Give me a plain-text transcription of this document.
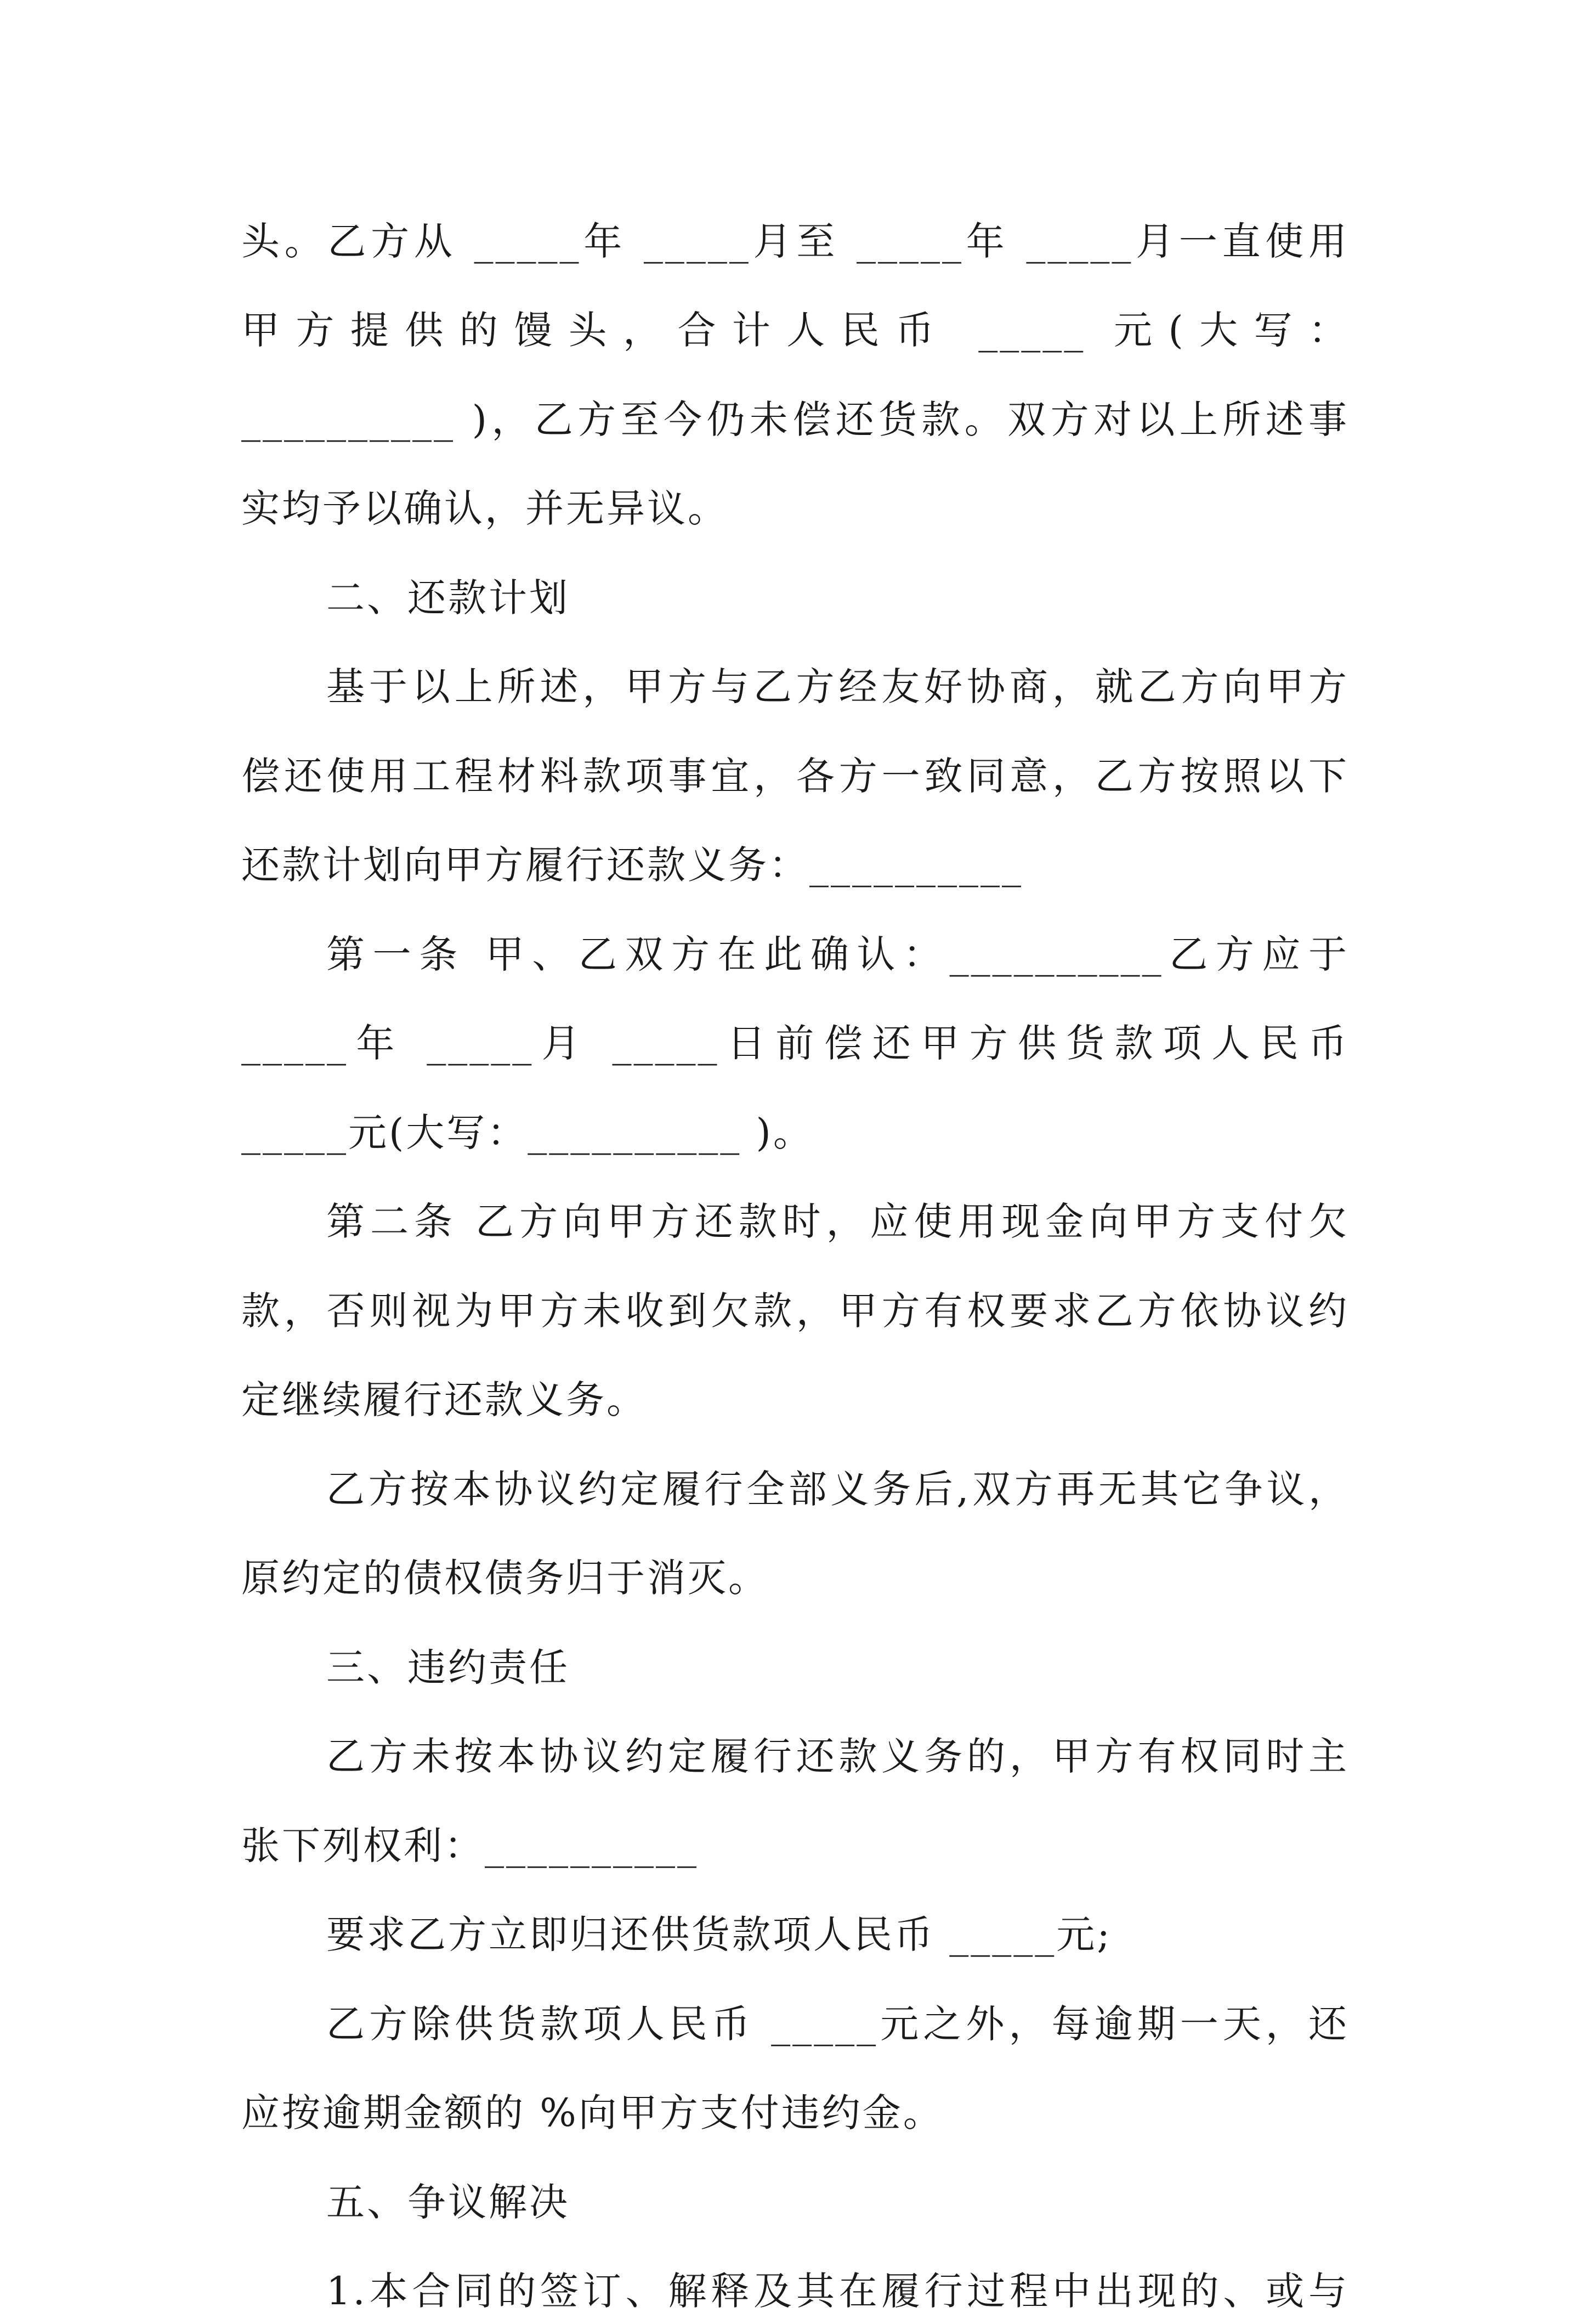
头。乙方从 _____年 _____月至 _____年 _____月一直使用
甲方提供的馒头，合计人民币 _____ 元(大写：
__________ )，乙方至今仍未偿还货款。双方对以上所述事
实均予以确认，并无异议。
二、还款计划
基于以上所述，甲方与乙方经友好协商，就乙方向甲方
偿还使用工程材料款项事宜，各方一致同意，乙方按照以下
还款计划向甲方履行还款义务：__________
第一条 甲、乙双方在此确认：__________乙方应于
_____年 _____月 _____日前偿还甲方供货款项人民币
_____元(大写：__________ )。
第二条 乙方向甲方还款时，应使用现金向甲方支付欠
款，否则视为甲方未收到欠款，甲方有权要求乙方依协议约
定继续履行还款义务。
乙方按本协议约定履行全部义务后,双方再无其它争议，
原约定的债权债务归于消灭。
三、违约责任
乙方未按本协议约定履行还款义务的，甲方有权同时主
张下列权利：__________
要求乙方立即归还供货款项人民币 _____元;
乙方除供货款项人民币 _____元之外，每逾期一天，还
应按逾期金额的 %向甲方支付违约金。
五、争议解决
1.本合同的签订、解释及其在履行过程中出现的、或与
